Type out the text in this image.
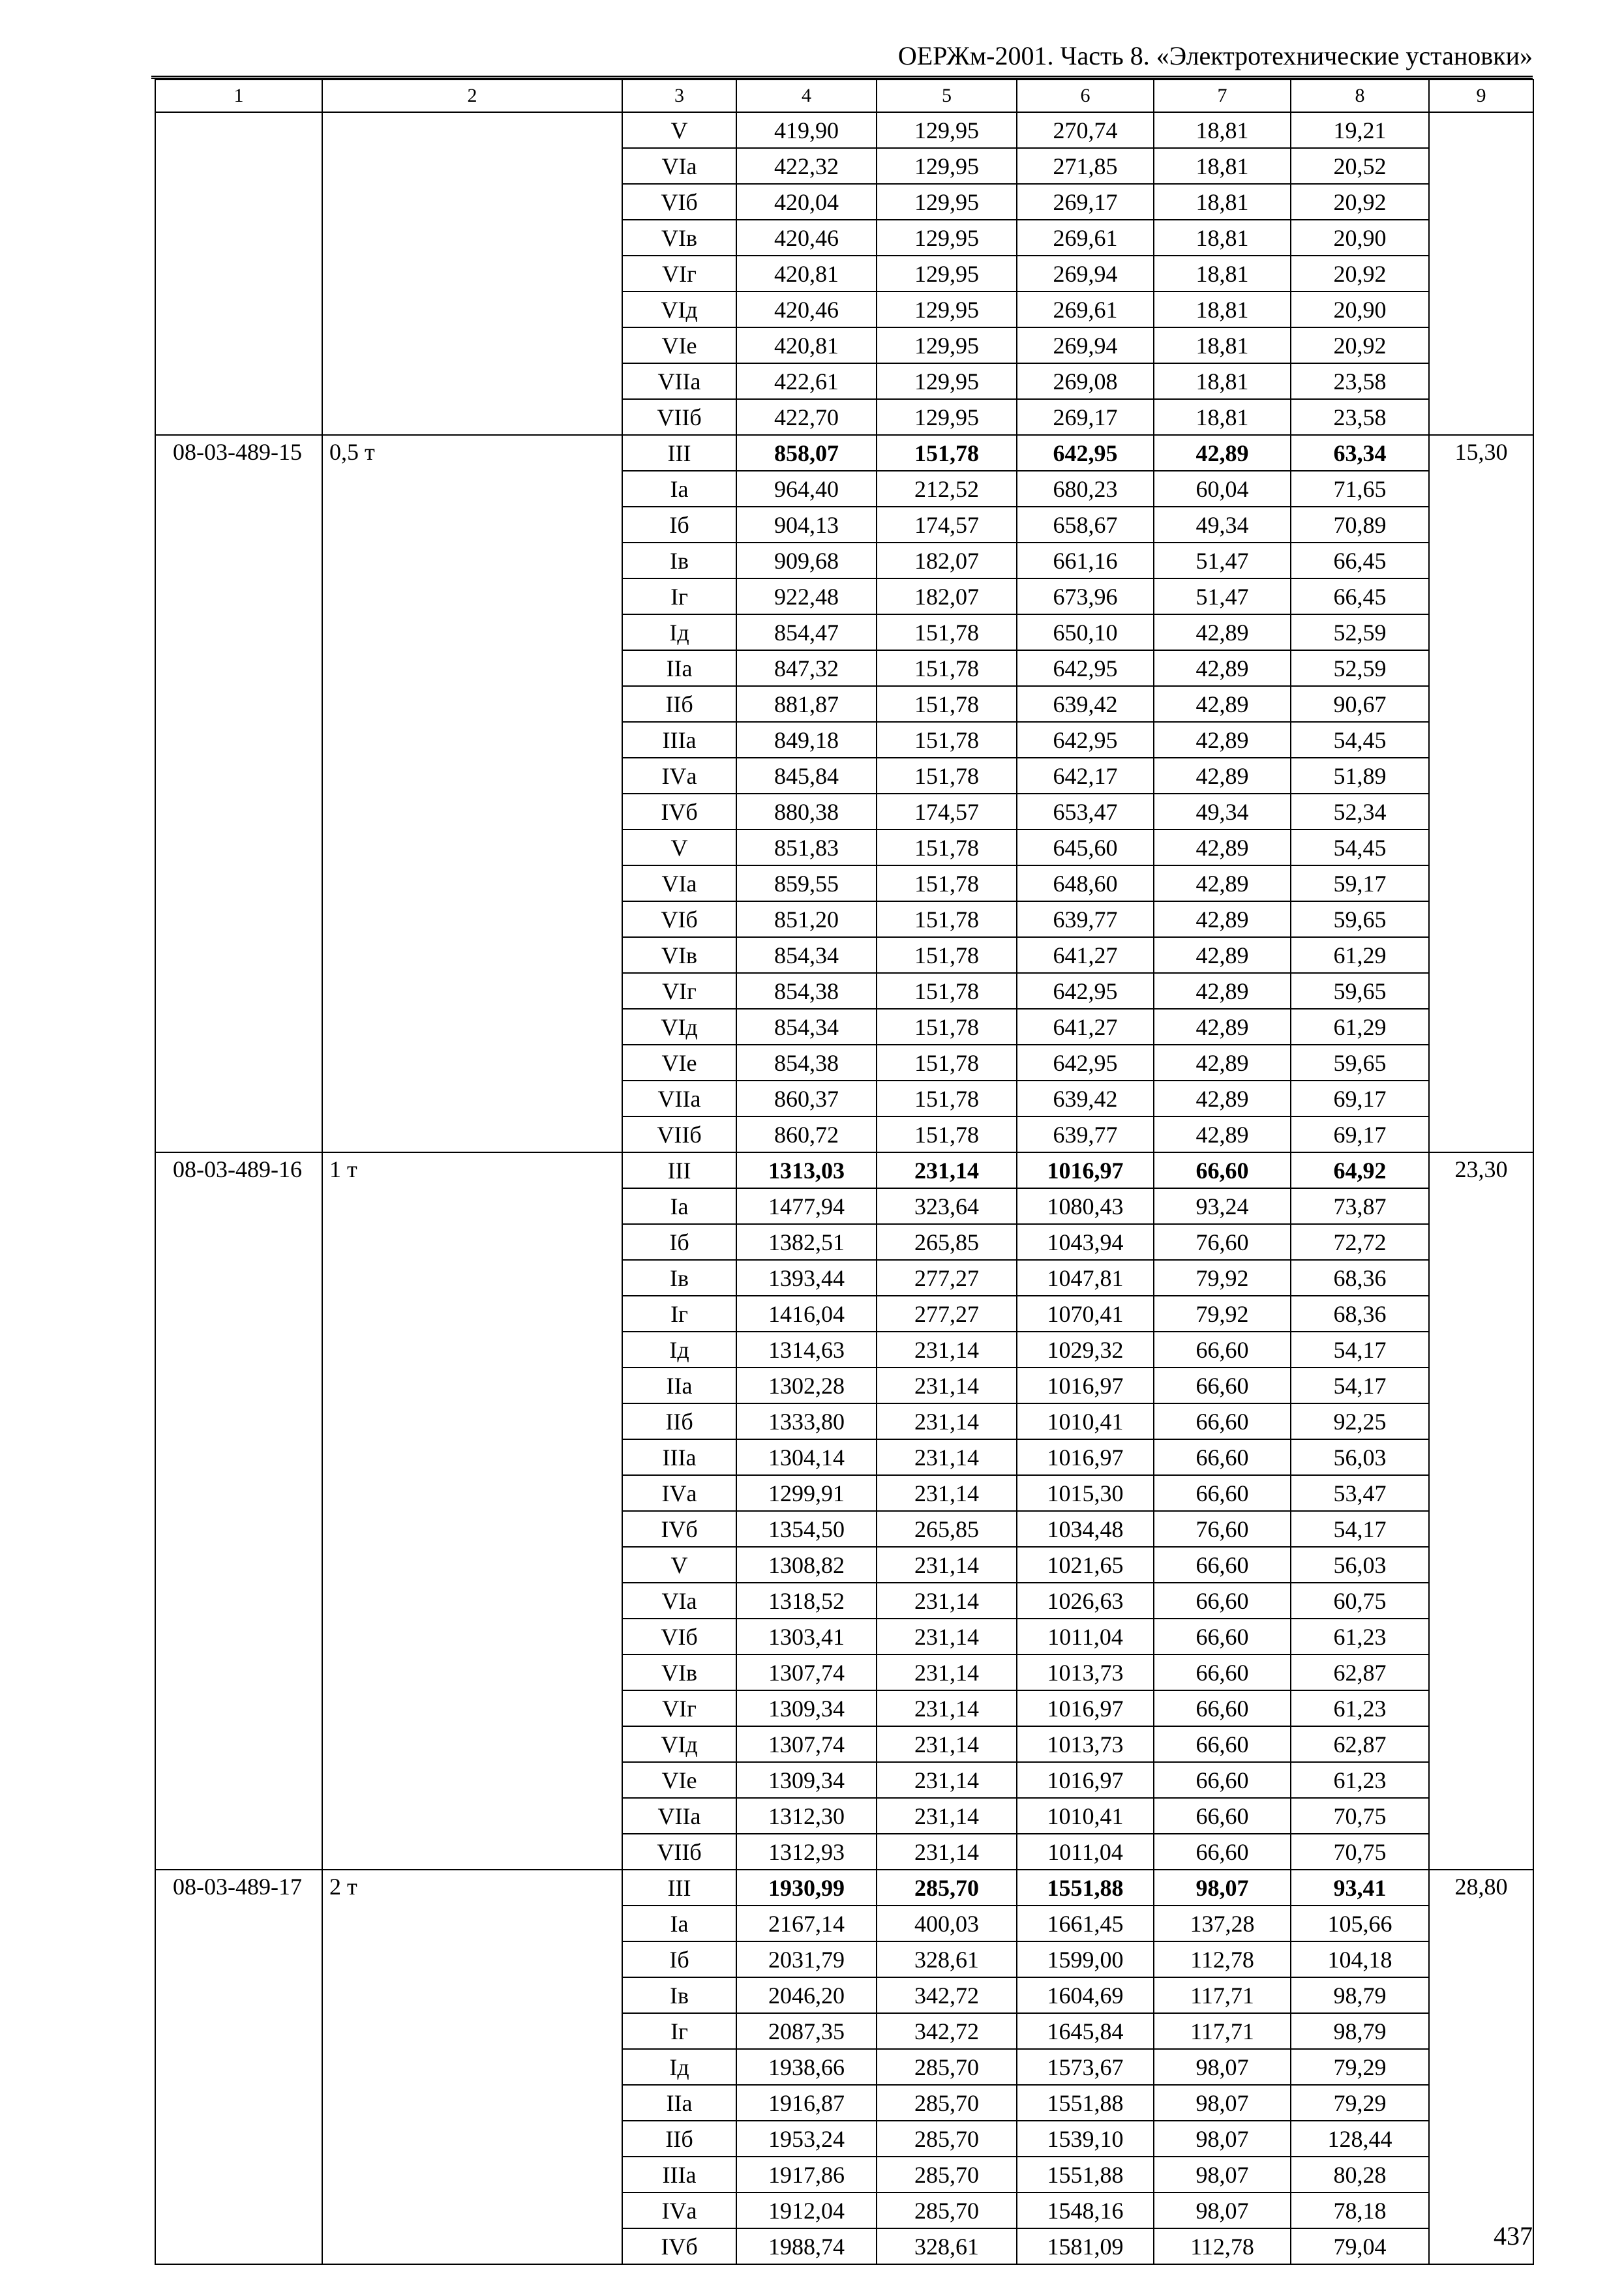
ОЕРЖм-2001. Часть 8. «Электротехнические установки»
1	2	3	4	5	6	7	8	9
		V	419,90	129,95	270,74	18,81	19,21	
		VIа	422,32	129,95	271,85	18,81	20,52	
		VIб	420,04	129,95	269,17	18,81	20,92	
		VIв	420,46	129,95	269,61	18,81	20,90	
		VIг	420,81	129,95	269,94	18,81	20,92	
		VIд	420,46	129,95	269,61	18,81	20,90	
		VIе	420,81	129,95	269,94	18,81	20,92	
		VIIа	422,61	129,95	269,08	18,81	23,58	
		VIIб	422,70	129,95	269,17	18,81	23,58	
08-03-489-15	0,5 т	III	858,07	151,78	642,95	42,89	63,34	15,30
		Iа	964,40	212,52	680,23	60,04	71,65	
		Iб	904,13	174,57	658,67	49,34	70,89	
		Iв	909,68	182,07	661,16	51,47	66,45	
		Iг	922,48	182,07	673,96	51,47	66,45	
		Iд	854,47	151,78	650,10	42,89	52,59	
		IIа	847,32	151,78	642,95	42,89	52,59	
		IIб	881,87	151,78	639,42	42,89	90,67	
		IIIа	849,18	151,78	642,95	42,89	54,45	
		IVа	845,84	151,78	642,17	42,89	51,89	
		IVб	880,38	174,57	653,47	49,34	52,34	
		V	851,83	151,78	645,60	42,89	54,45	
		VIа	859,55	151,78	648,60	42,89	59,17	
		VIб	851,20	151,78	639,77	42,89	59,65	
		VIв	854,34	151,78	641,27	42,89	61,29	
		VIг	854,38	151,78	642,95	42,89	59,65	
		VIд	854,34	151,78	641,27	42,89	61,29	
		VIе	854,38	151,78	642,95	42,89	59,65	
		VIIа	860,37	151,78	639,42	42,89	69,17	
		VIIб	860,72	151,78	639,77	42,89	69,17	
08-03-489-16	1 т	III	1313,03	231,14	1016,97	66,60	64,92	23,30
		Iа	1477,94	323,64	1080,43	93,24	73,87	
		Iб	1382,51	265,85	1043,94	76,60	72,72	
		Iв	1393,44	277,27	1047,81	79,92	68,36	
		Iг	1416,04	277,27	1070,41	79,92	68,36	
		Iд	1314,63	231,14	1029,32	66,60	54,17	
		IIа	1302,28	231,14	1016,97	66,60	54,17	
		IIб	1333,80	231,14	1010,41	66,60	92,25	
		IIIа	1304,14	231,14	1016,97	66,60	56,03	
		IVа	1299,91	231,14	1015,30	66,60	53,47	
		IVб	1354,50	265,85	1034,48	76,60	54,17	
		V	1308,82	231,14	1021,65	66,60	56,03	
		VIа	1318,52	231,14	1026,63	66,60	60,75	
		VIб	1303,41	231,14	1011,04	66,60	61,23	
		VIв	1307,74	231,14	1013,73	66,60	62,87	
		VIг	1309,34	231,14	1016,97	66,60	61,23	
		VIд	1307,74	231,14	1013,73	66,60	62,87	
		VIе	1309,34	231,14	1016,97	66,60	61,23	
		VIIа	1312,30	231,14	1010,41	66,60	70,75	
		VIIб	1312,93	231,14	1011,04	66,60	70,75	
08-03-489-17	2 т	III	1930,99	285,70	1551,88	98,07	93,41	28,80
		Iа	2167,14	400,03	1661,45	137,28	105,66	
		Iб	2031,79	328,61	1599,00	112,78	104,18	
		Iв	2046,20	342,72	1604,69	117,71	98,79	
		Iг	2087,35	342,72	1645,84	117,71	98,79	
		Iд	1938,66	285,70	1573,67	98,07	79,29	
		IIа	1916,87	285,70	1551,88	98,07	79,29	
		IIб	1953,24	285,70	1539,10	98,07	128,44	
		IIIа	1917,86	285,70	1551,88	98,07	80,28	
		IVа	1912,04	285,70	1548,16	98,07	78,18	
		IVб	1988,74	328,61	1581,09	112,78	79,04		437
